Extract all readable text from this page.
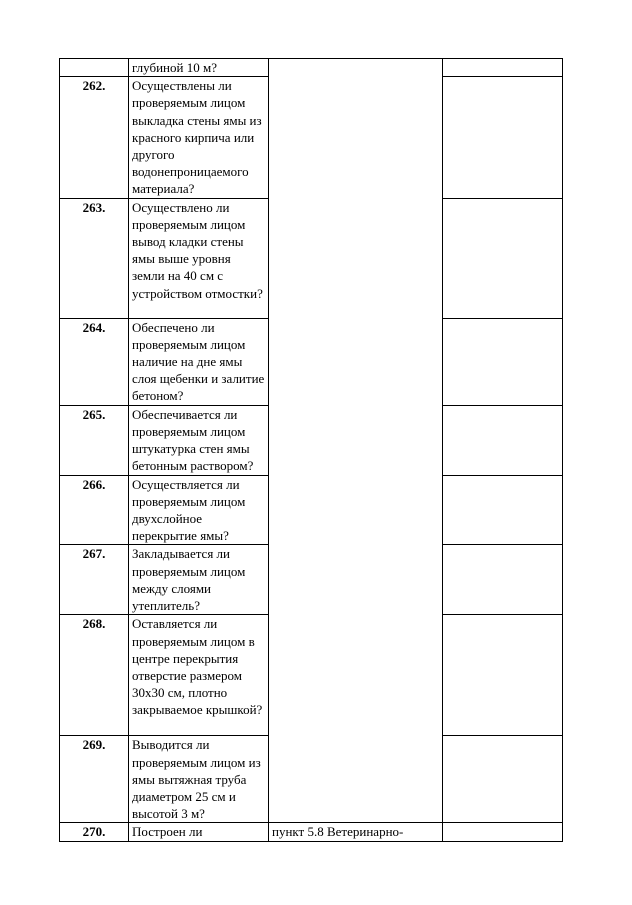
	глубиной 10 м?		
262.	Осуществлены ли проверяемым лицом выкладка стены ямы из красного кирпича или другого водонепроницаемого материала?		
263.	Осуществлено ли проверяемым лицом вывод кладки стены ямы выше уровня земли на 40 см с устройством отмостки?		
264.	Обеспечено ли проверяемым лицом наличие на дне ямы слоя щебенки и залитие бетоном?		
265.	Обеспечивается ли проверяемым лицом штукатурка стен ямы бетонным раствором?		
266.	Осуществляется ли проверяемым лицом двухслойное перекрытие ямы?		
267.	Закладывается ли проверяемым лицом между слоями утеплитель?		
268.	Оставляется ли проверяемым лицом в центре перекрытия отверстие размером 30х30 см, плотно закрываемое крышкой?		
269.	Выводится ли проверяемым лицом из ямы вытяжная труба диаметром 25 см и высотой 3 м?		
270.	Построен ли	пункт 5.8 Ветеринарно-	
